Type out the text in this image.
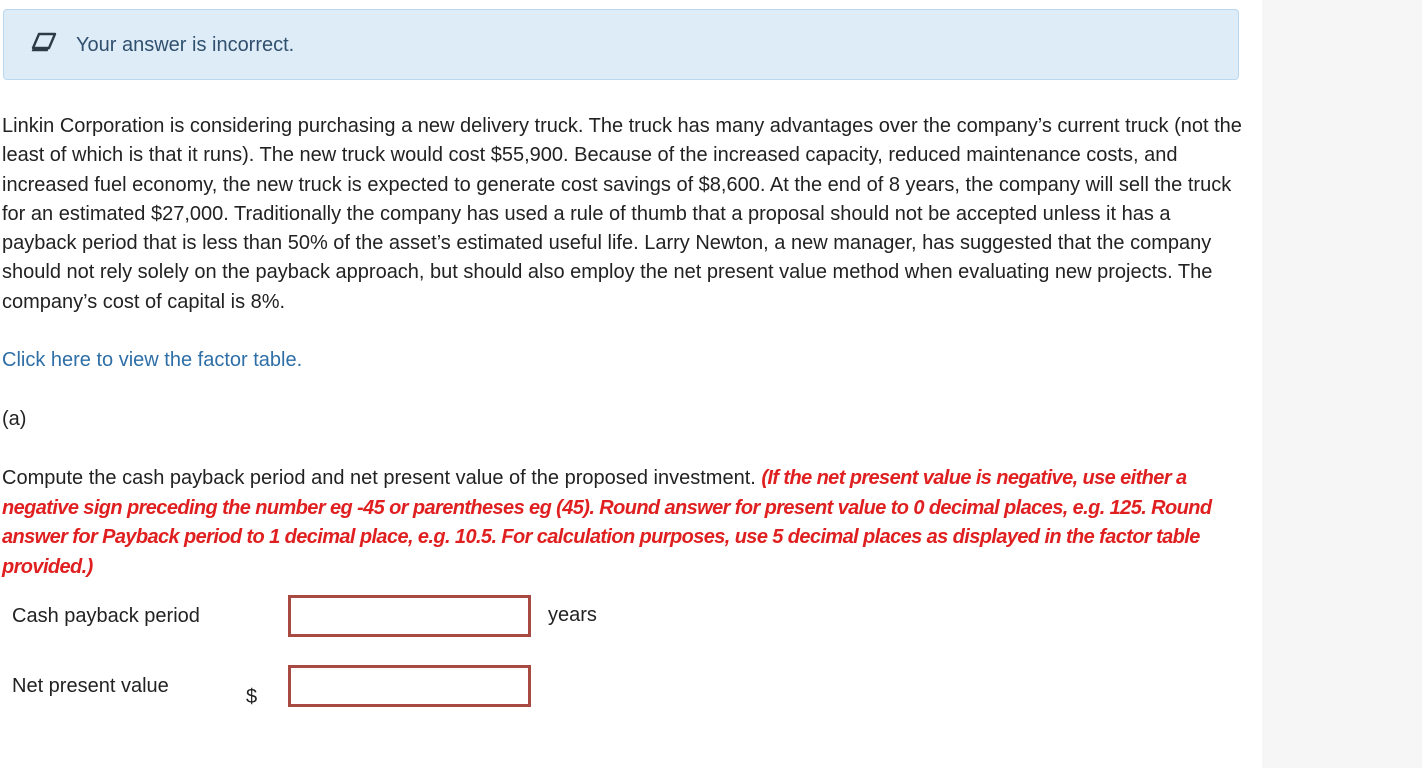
Your answer is incorrect.

Linkin Corporation is considering purchasing a new delivery truck. The truck has many advantages over the company’s current truck (not the least of which is that it runs). The new truck would cost $55,900. Because of the increased capacity, reduced maintenance costs, and increased fuel economy, the new truck is expected to generate cost savings of $8,600. At the end of 8 years, the company will sell the truck for an estimated $27,000. Traditionally the company has used a rule of thumb that a proposal should not be accepted unless it has a payback period that is less than 50% of the asset’s estimated useful life. Larry Newton, a new manager, has suggested that the company should not rely solely on the payback approach, but should also employ the net present value method when evaluating new projects. The company’s cost of capital is 8%.

Click here to view the factor table.
(a)

Compute the cash payback period and net present value of the proposed investment. (If the net present value is negative, use either a negative sign preceding the number eg -45 or parentheses eg (45). Round answer for present value to 0 decimal places, e.g. 125. Round answer for Payback period to 1 decimal place, e.g. 10.5. For calculation purposes, use 5 decimal places as displayed in the factor table provided.)

Cash payback period	years
Net present value	$
